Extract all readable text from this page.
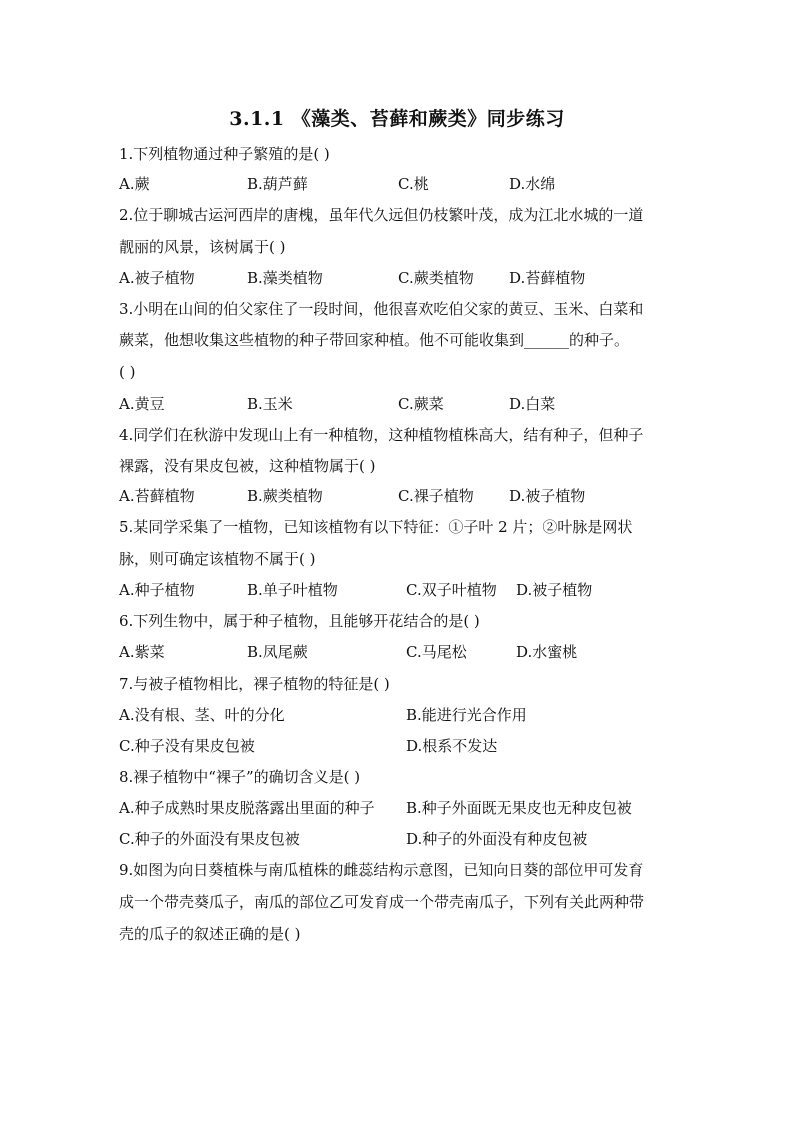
3.1.1 《藻类、苔藓和蕨类》同步练习
1.下列植物通过种子繁殖的是( )
A.蕨	B.葫芦藓	C.桃	D.水绵
2.位于聊城古运河西岸的唐槐，虽年代久远但仍枝繁叶茂，成为江北水城的一道
靓丽的风景，该树属于( )
A.被子植物	B.藻类植物	C.蕨类植物 D.苔藓植物
3.小明在山间的伯父家住了一段时间，他很喜欢吃伯父家的黄豆、玉米、白菜和
蕨菜，他想收集这些植物的种子带回家种植。他不可能收集到______的种子。
( )
A.黄豆	B.玉米	C.蕨菜	D.白菜
4.同学们在秋游中发现山上有一种植物，这种植物植株高大，结有种子，但种子
裸露，没有果皮包被，这种植物属于( )
A.苔藓植物	B.蕨类植物	C.裸子植物 D.被子植物
5.某同学采集了一植物，已知该植物有以下特征：①子叶 2 片；②叶脉是网状
脉，则可确定该植物不属于( )
A.种子植物	B.单子叶植物	C.双子叶植物 D.被子植物
6.下列生物中，属于种子植物，且能够开花结合的是( )
A.紫菜	B.凤尾蕨	C.马尾松	D.水蜜桃
7.与被子植物相比，裸子植物的特征是( )
A.没有根、茎、叶的分化	B.能进行光合作用
C.种子没有果皮包被	D.根系不发达
8.裸子植物中“裸子”的确切含义是( )
A.种子成熟时果皮脱落露出里面的种子 B.种子外面既无果皮也无种皮包被
C.种子的外面没有果皮包被	D.种子的外面没有种皮包被
9.如图为向日葵植株与南瓜植株的雌蕊结构示意图，已知向日葵的部位甲可发育
成一个带壳葵瓜子，南瓜的部位乙可发育成一个带壳南瓜子，下列有关此两种带
壳的瓜子的叙述正确的是( )
